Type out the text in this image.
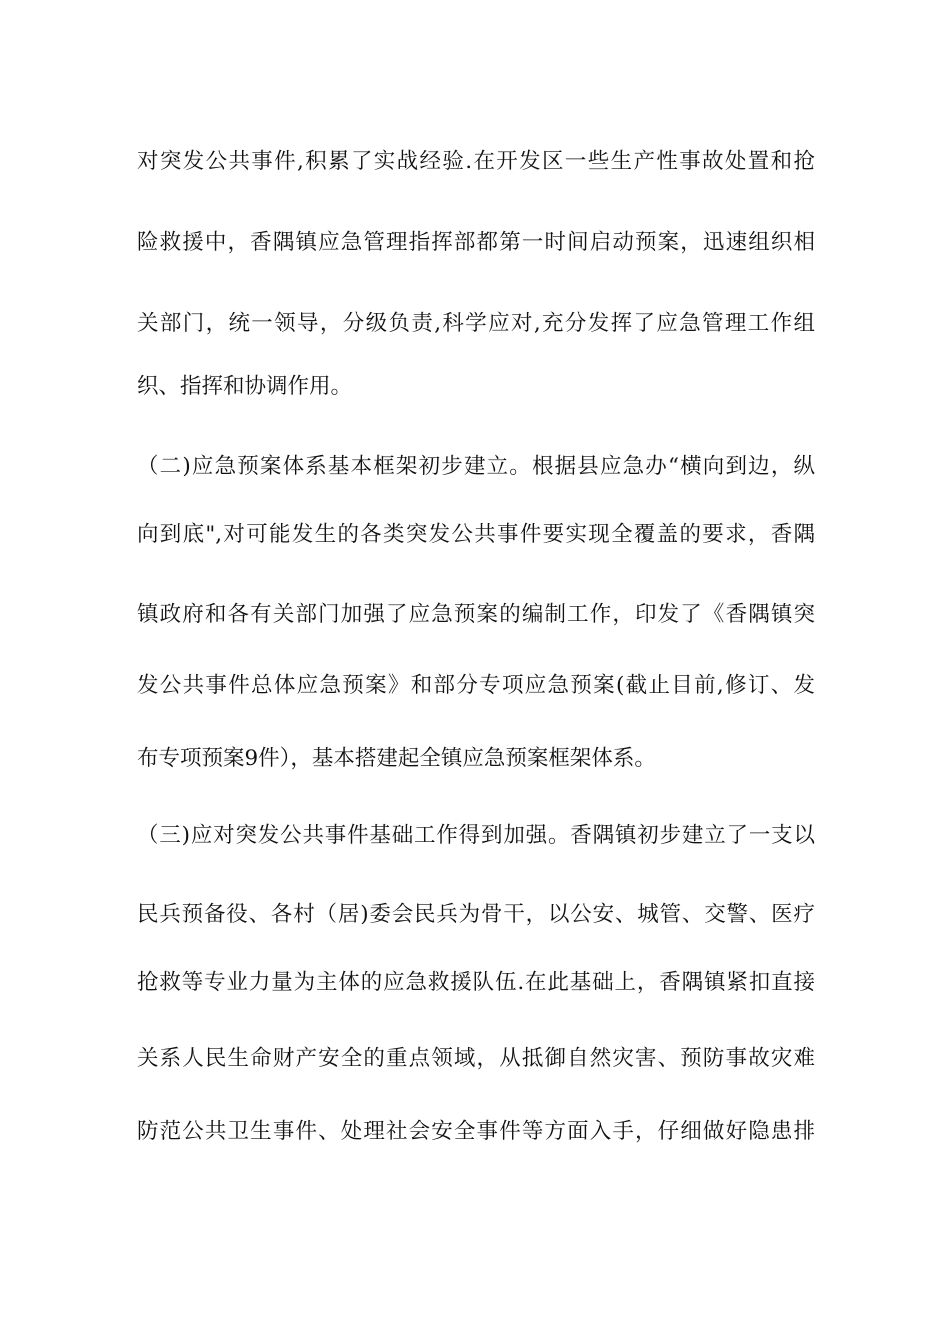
对突发公共事件,积累了实战经验.在开发区一些生产性事故处置和抢
险救援中，香隅镇应急管理指挥部都第一时间启动预案，迅速组织相
关部门，统一领导，分级负责,科学应对,充分发挥了应急管理工作组
织、指挥和协调作用。
（二)应急预案体系基本框架初步建立。根据县应急办“横向到边，纵
向到底",对可能发生的各类突发公共事件要实现全覆盖的要求，香隅
镇政府和各有关部门加强了应急预案的编制工作，印发了《香隅镇突
发公共事件总体应急预案》和部分专项应急预案(截止目前,修订、发
布专项预案9件），基本搭建起全镇应急预案框架体系。
（三)应对突发公共事件基础工作得到加强。香隅镇初步建立了一支以
民兵预备役、各村（居)委会民兵为骨干，以公安、城管、交警、医疗
抢救等专业力量为主体的应急救援队伍.在此基础上，香隅镇紧扣直接
关系人民生命财产安全的重点领域，从抵御自然灾害、预防事故灾难
防范公共卫生事件、处理社会安全事件等方面入手，仔细做好隐患排
